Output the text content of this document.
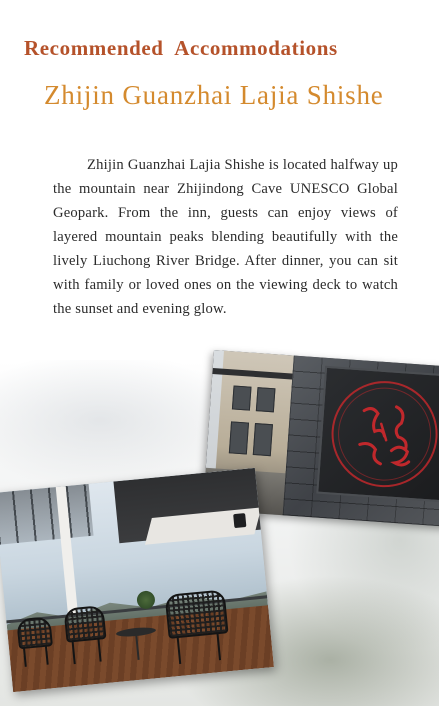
Recommended Accommodations
Zhijin Guanzhai Lajia Shishe

Zhijin Guanzhai Lajia Shishe is located halfway up the mountain near Zhijindong Cave UNESCO Global Geopark. From the inn, guests can enjoy views of layered mountain peaks blending beautifully with the lively Liuchong River Bridge. After dinner, you can sit with family or loved ones on the viewing deck to watch the sunset and evening glow.
